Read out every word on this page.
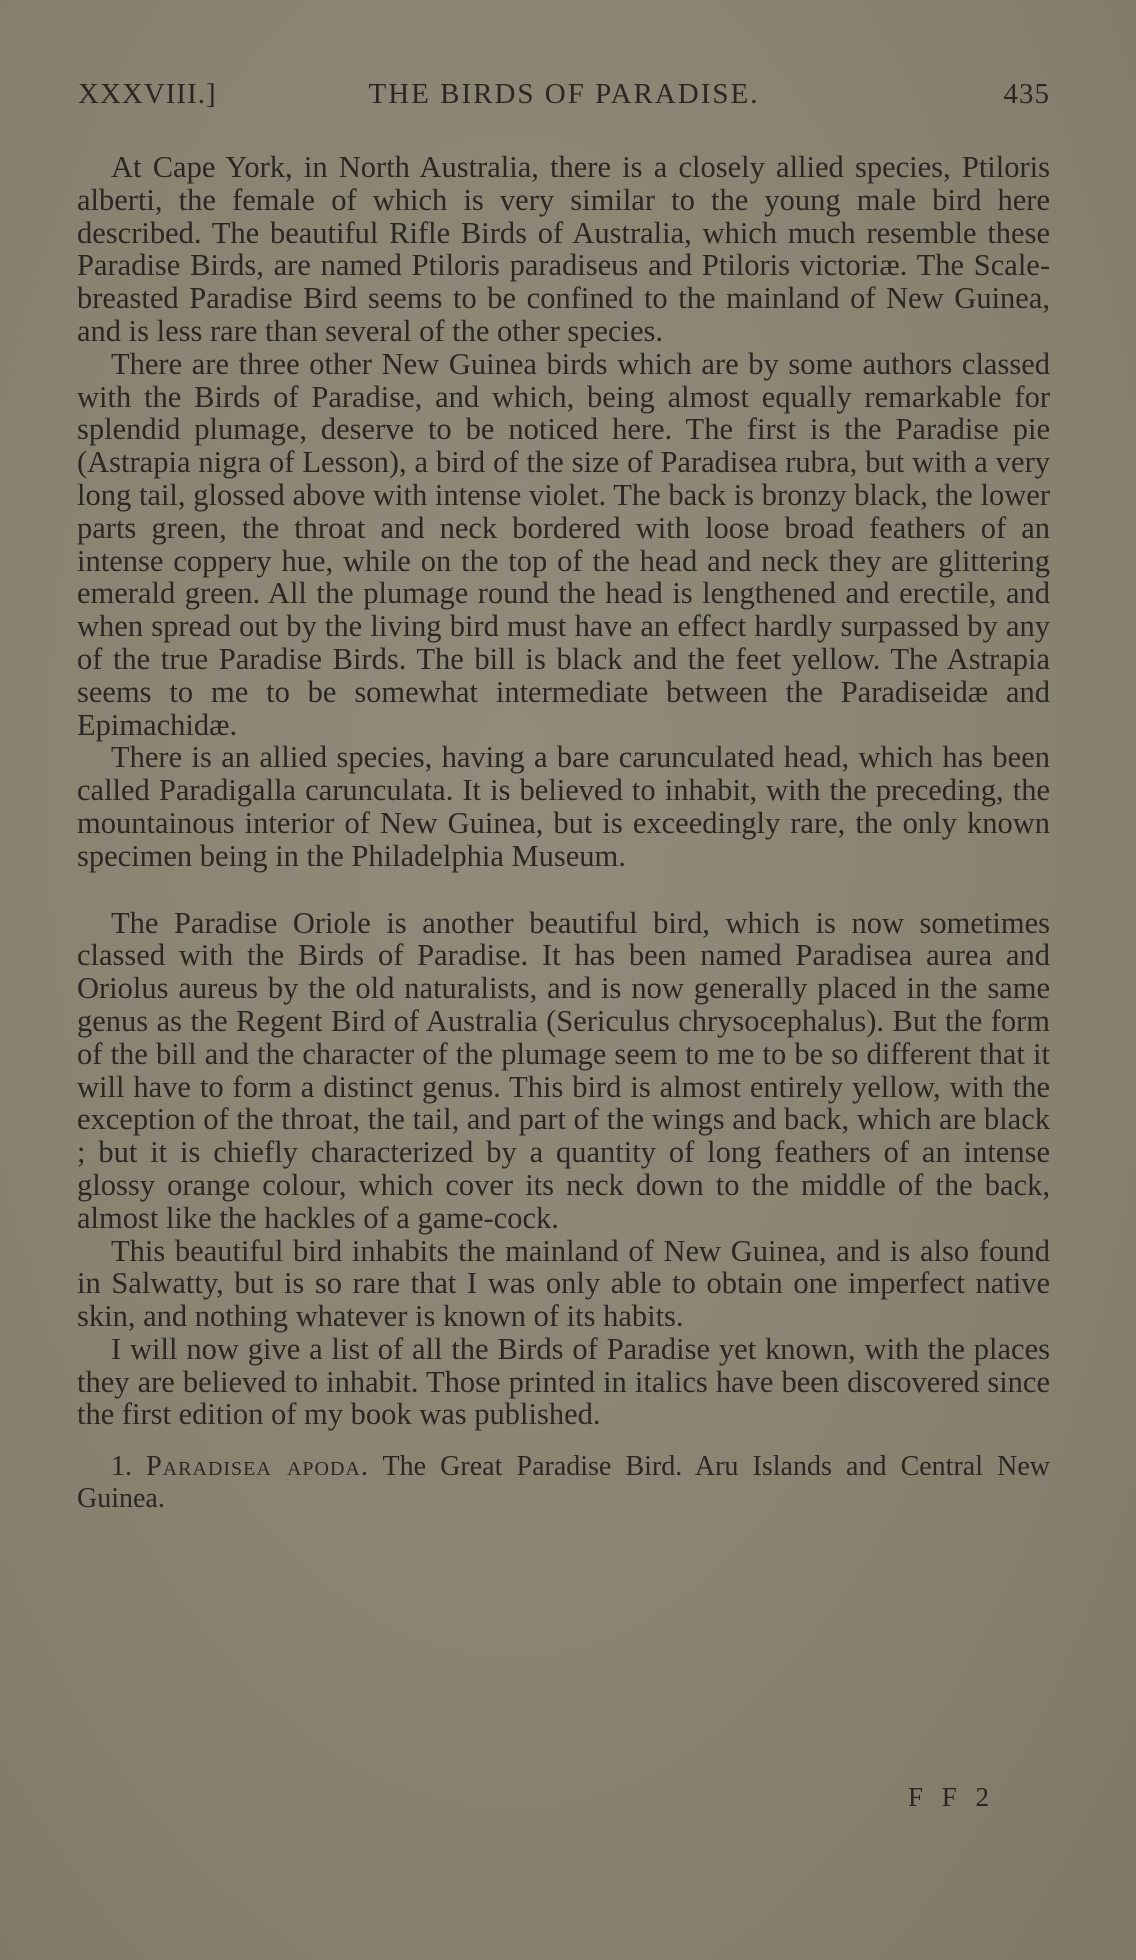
XXXVIII.]	THE BIRDS OF PARADISE.	435

At Cape York, in North Australia, there is a closely allied species, Ptiloris alberti, the female of which is very similar to the young male bird here described. The beautiful Rifle Birds of Australia, which much resemble these Paradise Birds, are named Ptiloris paradiseus and Ptiloris victoriæ. The Scale-breasted Paradise Bird seems to be confined to the mainland of New Guinea, and is less rare than several of the other species.

There are three other New Guinea birds which are by some authors classed with the Birds of Paradise, and which, being almost equally remarkable for splendid plumage, deserve to be noticed here. The first is the Paradise pie (Astrapia nigra of Lesson), a bird of the size of Paradisea rubra, but with a very long tail, glossed above with intense violet. The back is bronzy black, the lower parts green, the throat and neck bordered with loose broad feathers of an intense coppery hue, while on the top of the head and neck they are glittering emerald green. All the plumage round the head is lengthened and erectile, and when spread out by the living bird must have an effect hardly surpassed by any of the true Paradise Birds. The bill is black and the feet yellow. The Astrapia seems to me to be somewhat intermediate between the Paradiseidæ and Epimachidæ.

There is an allied species, having a bare carunculated head, which has been called Paradigalla carunculata. It is believed to inhabit, with the preceding, the mountainous interior of New Guinea, but is exceedingly rare, the only known specimen being in the Philadelphia Museum.

The Paradise Oriole is another beautiful bird, which is now sometimes classed with the Birds of Paradise. It has been named Paradisea aurea and Oriolus aureus by the old naturalists, and is now generally placed in the same genus as the Regent Bird of Australia (Sericulus chrysocephalus). But the form of the bill and the character of the plumage seem to me to be so different that it will have to form a distinct genus. This bird is almost entirely yellow, with the exception of the throat, the tail, and part of the wings and back, which are black ; but it is chiefly characterized by a quantity of long feathers of an intense glossy orange colour, which cover its neck down to the middle of the back, almost like the hackles of a game-cock.

This beautiful bird inhabits the mainland of New Guinea, and is also found in Salwatty, but is so rare that I was only able to obtain one imperfect native skin, and nothing whatever is known of its habits.

I will now give a list of all the Birds of Paradise yet known, with the places they are believed to inhabit. Those printed in italics have been discovered since the first edition of my book was published.

1. Paradisea apoda. The Great Paradise Bird. Aru Islands and Central New Guinea.

F F 2
